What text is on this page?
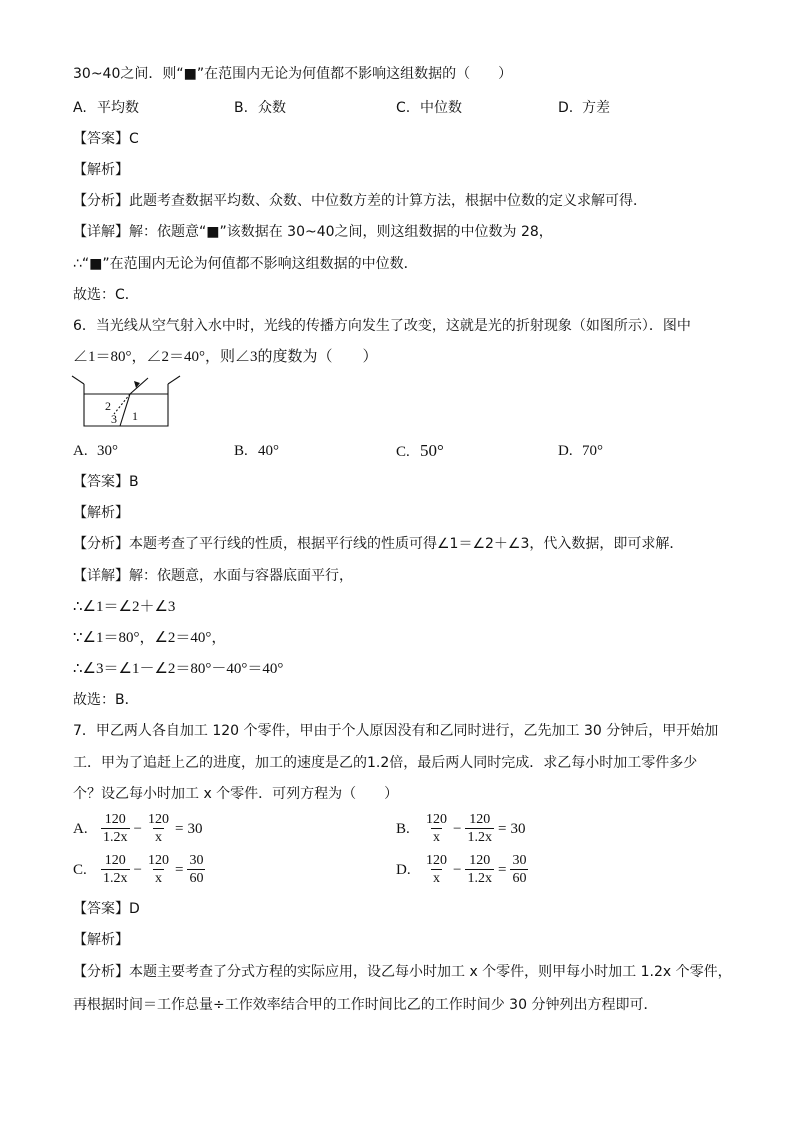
30~40之间．则“■”在范围内无论为何值都不影响这组数据的（　　）
A. 平均数	B. 众数	C. 中位数	D. 方差
【答案】C
【解析】
【分析】此题考查数据平均数、众数、中位数方差的计算方法，根据中位数的定义求解可得．
【详解】解：依题意“■”该数据在 30~40之间，则这组数据的中位数为 28，
∴“■”在范围内无论为何值都不影响这组数据的中位数．
故选：C．
6．当光线从空气射入水中时，光线的传播方向发生了改变，这就是光的折射现象（如图所示）．图中
∠1＝80°，∠2＝40°，则∠3的度数为（　　）
2
3 1
A. 30°	B. 40°	C. 50°	D. 70°
【答案】B
【解析】
【分析】本题考查了平行线的性质，根据平行线的性质可得∠1＝∠2＋∠3，代入数据，即可求解．
【详解】解：依题意，水面与容器底面平行，
∴∠1＝∠2＋∠3
∵∠1＝80°，∠2＝40°，
∴∠3＝∠1－∠2＝80°－40°＝40°
故选：B．
7．甲乙两人各自加工 120 个零件，甲由于个人原因没有和乙同时进行，乙先加工 30 分钟后，甲开始加
工．甲为了追赶上乙的进度，加工的速度是乙的1.2倍，最后两人同时完成．求乙每小时加工零件多少
个？设乙每小时加工 x 个零件．可列方程为（　　）
A. $\frac{120}{1.2x} - \frac{120}{x} = 30$	B.	$\frac{120}{x} - \frac{120}{1.2x} = 30$
C.	$\frac{120}{1.2x} - \frac{120}{x} = \frac{30}{60}$	D. $\frac{120}{x} - \frac{120}{1.2x} = \frac{30}{60}$
【答案】D
【解析】
【分析】本题主要考查了分式方程的实际应用，设乙每小时加工 x 个零件，则甲每小时加工 1.2x 个零件，
再根据时间＝工作总量÷工作效率结合甲的工作时间比乙的工作时间少 30 分钟列出方程即可．
